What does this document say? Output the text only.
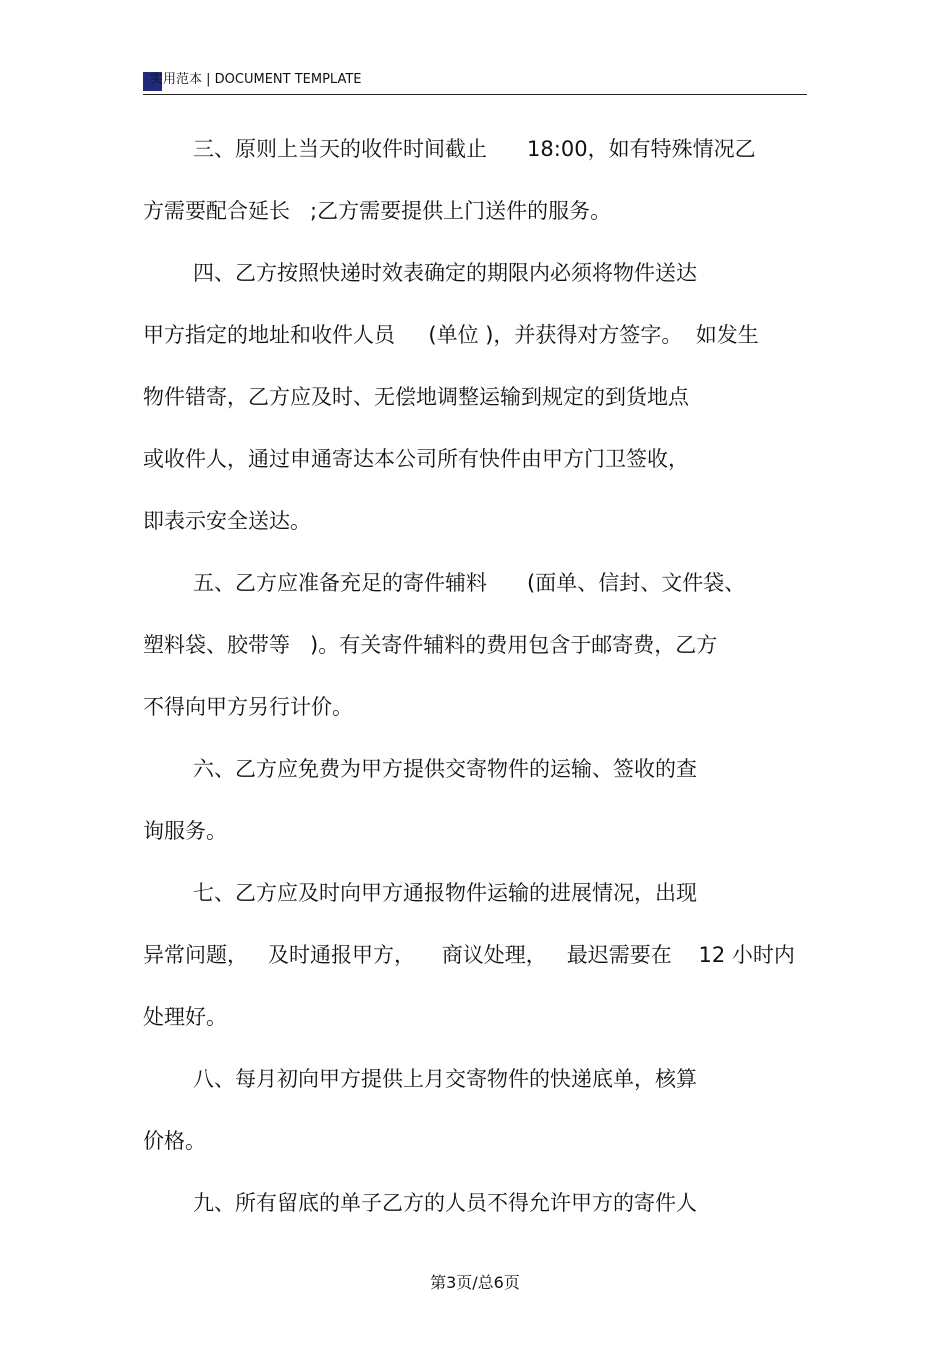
实用范本 | DOCUMENT TEMPLATE
三、原则上当天的收件时间截止      18:00，如有特殊情况乙
方需要配合延长   ;乙方需要提供上门送件的服务。
四、乙方按照快递时效表确定的期限内必须将物件送达
甲方指定的地址和收件人员     (单位 )，并获得对方签字。  如发生
物件错寄，乙方应及时、无偿地调整运输到规定的到货地点
或收件人，通过申通寄达本公司所有快件由甲方门卫签收，
即表示安全送达。
五、乙方应准备充足的寄件辅料      (面单、信封、文件袋、
塑料袋、胶带等   )。有关寄件辅料的费用包含于邮寄费，乙方
不得向甲方另行计价。
六、乙方应免费为甲方提供交寄物件的运输、签收的查
询服务。
七、乙方应及时向甲方通报物件运输的进展情况，出现
异常问题，   及时通报甲方，    商议处理，   最迟需要在    12 小时内
处理好。
八、每月初向甲方提供上月交寄物件的快递底单，核算
价格。
九、所有留底的单子乙方的人员不得允许甲方的寄件人
第3页/总6页
